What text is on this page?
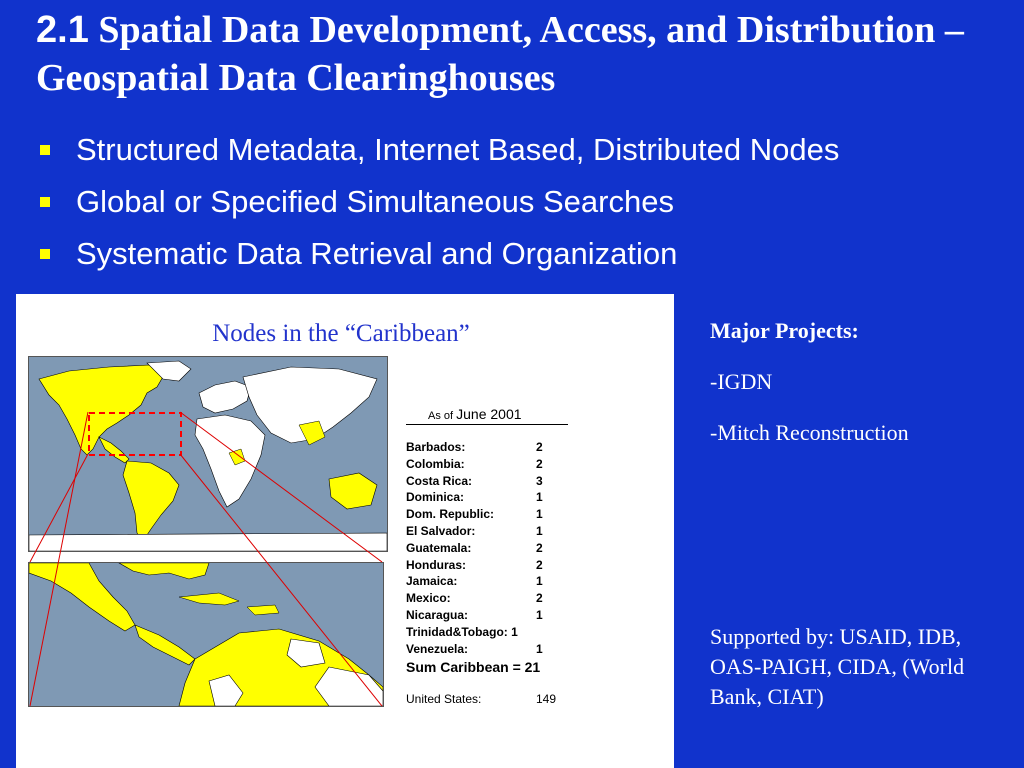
2.1 Spatial Data Development, Access, and Distribution – Geospatial Data Clearinghouses
Structured Metadata, Internet Based, Distributed Nodes
Global or Specified Simultaneous Searches
Systematic Data Retrieval and Organization
Nodes in the “Caribbean”
As of June 2001
Barbados:	2
Colombia:	2
Costa Rica:	3
Dominica:	1
Dom. Republic:	1
El Salvador:	1
Guatemala:	2
Honduras:	2
Jamaica:	1
Mexico:	2
Nicaragua:	1
Trinidad&Tobago: 1
Venezuela:	1
Sum Caribbean = 21
United States:	149
Major Projects:
-IGDN
-Mitch Reconstruction
Supported by: USAID, IDB, OAS-PAIGH, CIDA, (World Bank, CIAT)
